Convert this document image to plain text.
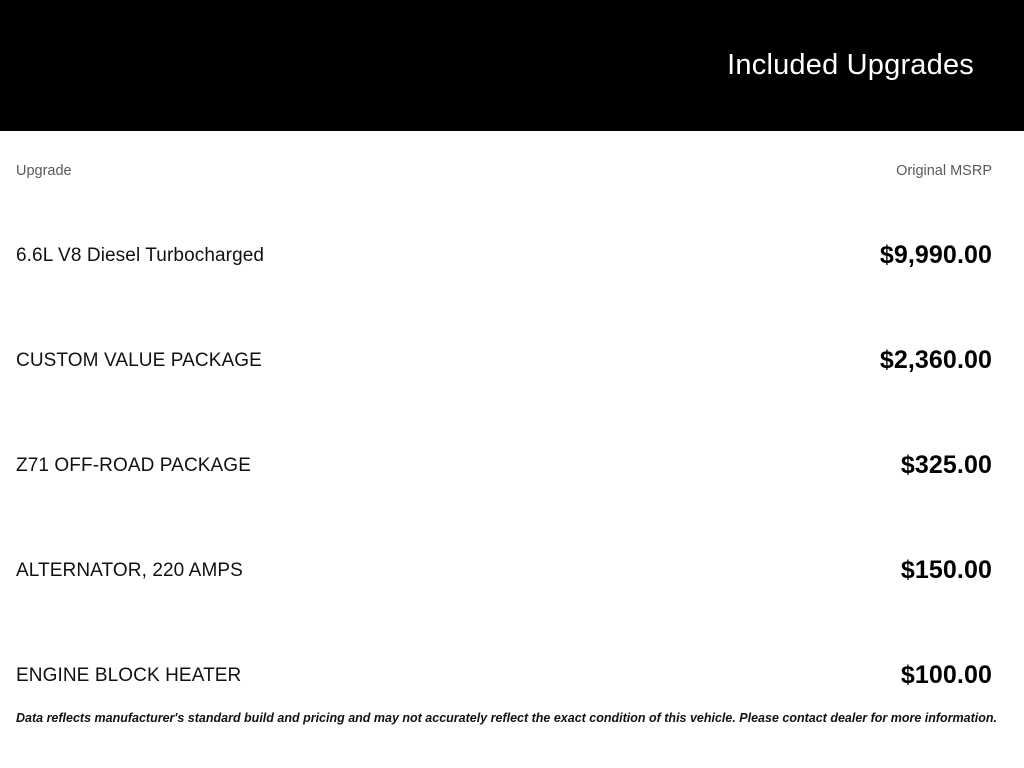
Included Upgrades
Upgrade	Original MSRP
6.6L V8 Diesel Turbocharged	$9,990.00
CUSTOM VALUE PACKAGE	$2,360.00
Z71 OFF-ROAD PACKAGE	$325.00
ALTERNATOR, 220 AMPS	$150.00
ENGINE BLOCK HEATER	$100.00
Data reflects manufacturer's standard build and pricing and may not accurately reflect the exact condition of this vehicle. Please contact dealer for more information.
